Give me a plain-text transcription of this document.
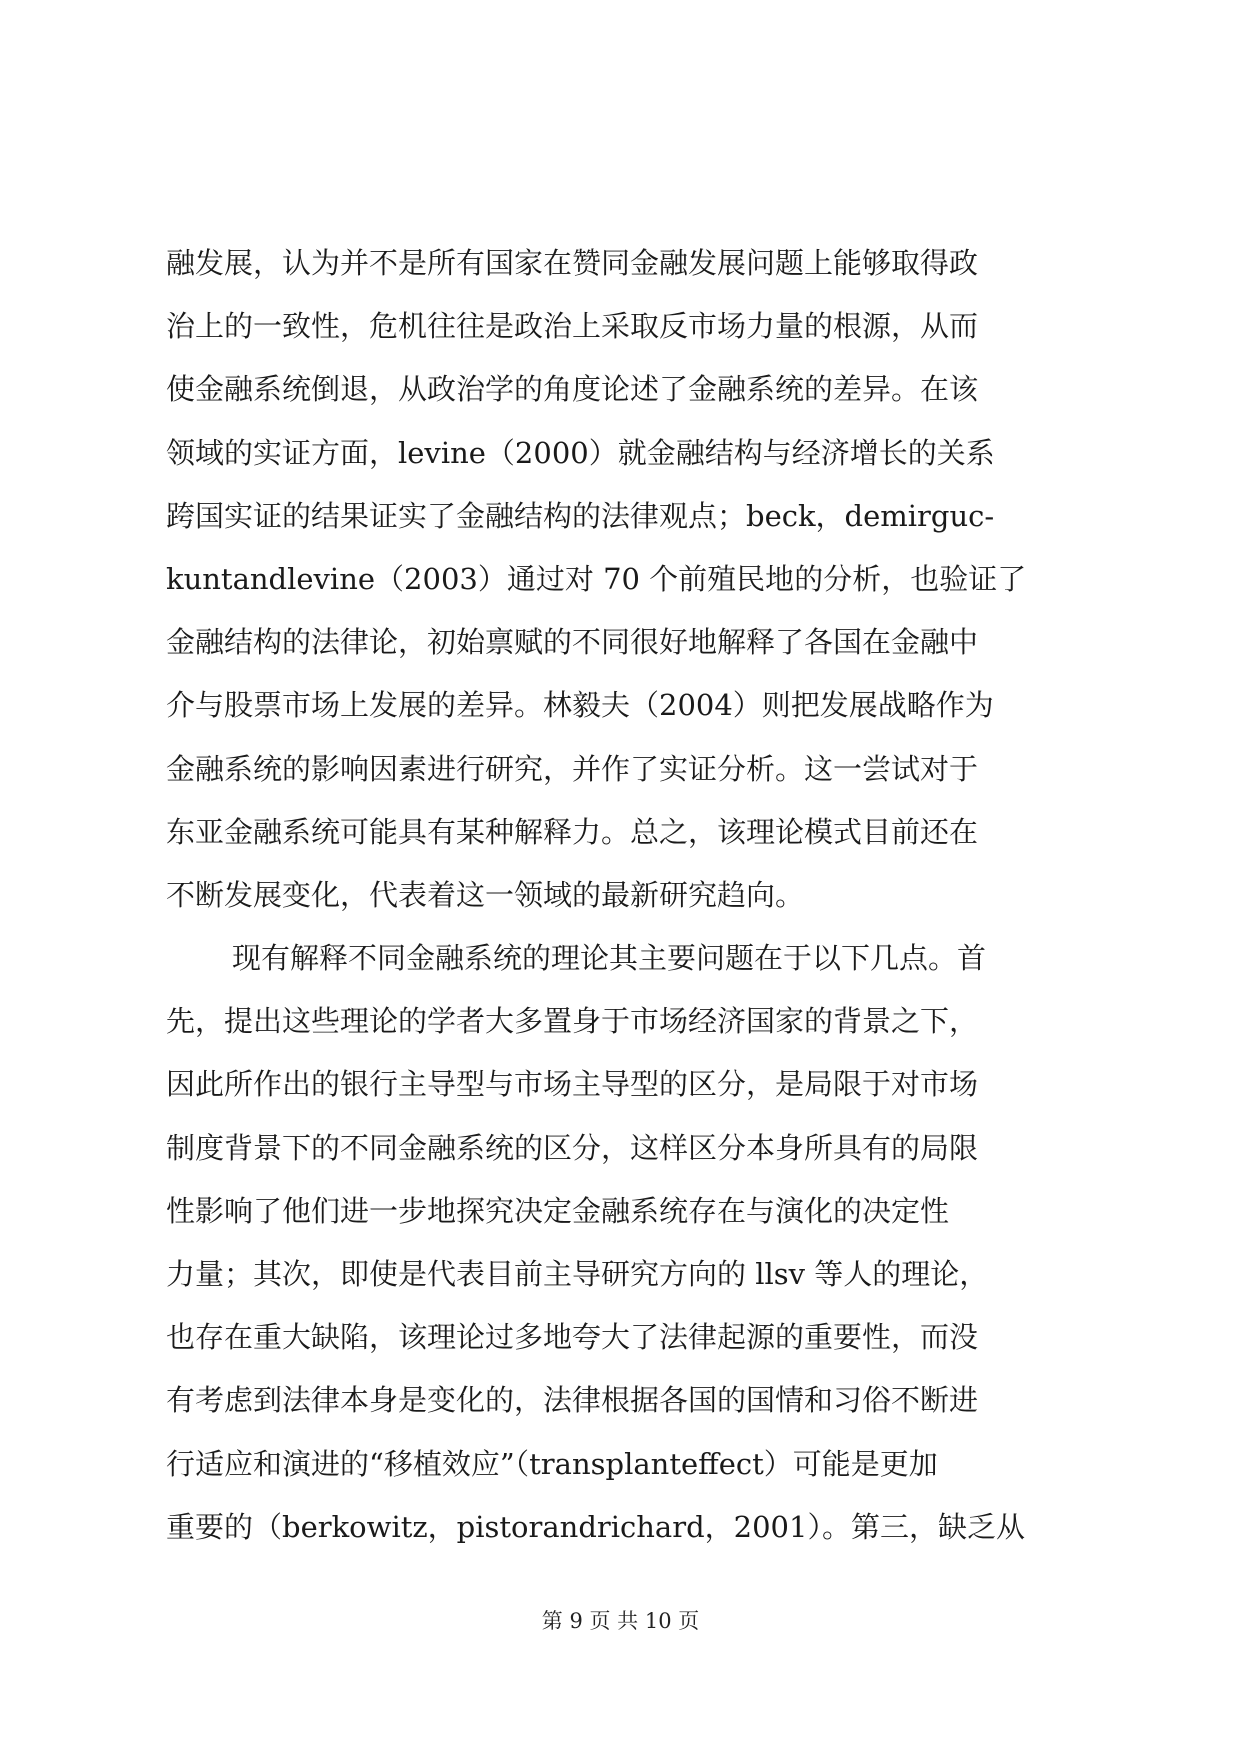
融发展，认为并不是所有国家在赞同金融发展问题上能够取得政
治上的一致性，危机往往是政治上采取反市场力量的根源，从而
使金融系统倒退，从政治学的角度论述了金融系统的差异。在该
领域的实证方面，levine（2000）就金融结构与经济增长的关系
跨国实证的结果证实了金融结构的法律观点；beck，demirguc-
kuntandlevine（2003）通过对 70 个前殖民地的分析，也验证了
金融结构的法律论，初始禀赋的不同很好地解释了各国在金融中
介与股票市场上发展的差异。林毅夫（2004）则把发展战略作为
金融系统的影响因素进行研究，并作了实证分析。这一尝试对于
东亚金融系统可能具有某种解释力。总之，该理论模式目前还在
不断发展变化，代表着这一领域的最新研究趋向。
现有解释不同金融系统的理论其主要问题在于以下几点。首
先，提出这些理论的学者大多置身于市场经济国家的背景之下，
因此所作出的银行主导型与市场主导型的区分，是局限于对市场
制度背景下的不同金融系统的区分，这样区分本身所具有的局限
性影响了他们进一步地探究决定金融系统存在与演化的决定性
力量；其次，即使是代表目前主导研究方向的 llsv 等人的理论，
也存在重大缺陷，该理论过多地夸大了法律起源的重要性，而没
有考虑到法律本身是变化的，法律根据各国的国情和习俗不断进
行适应和演进的“移植效应”（transplanteffect）可能是更加
重要的（berkowitz，pistorandrichard，2001）。第三，缺乏从
第 9 页 共 10 页
